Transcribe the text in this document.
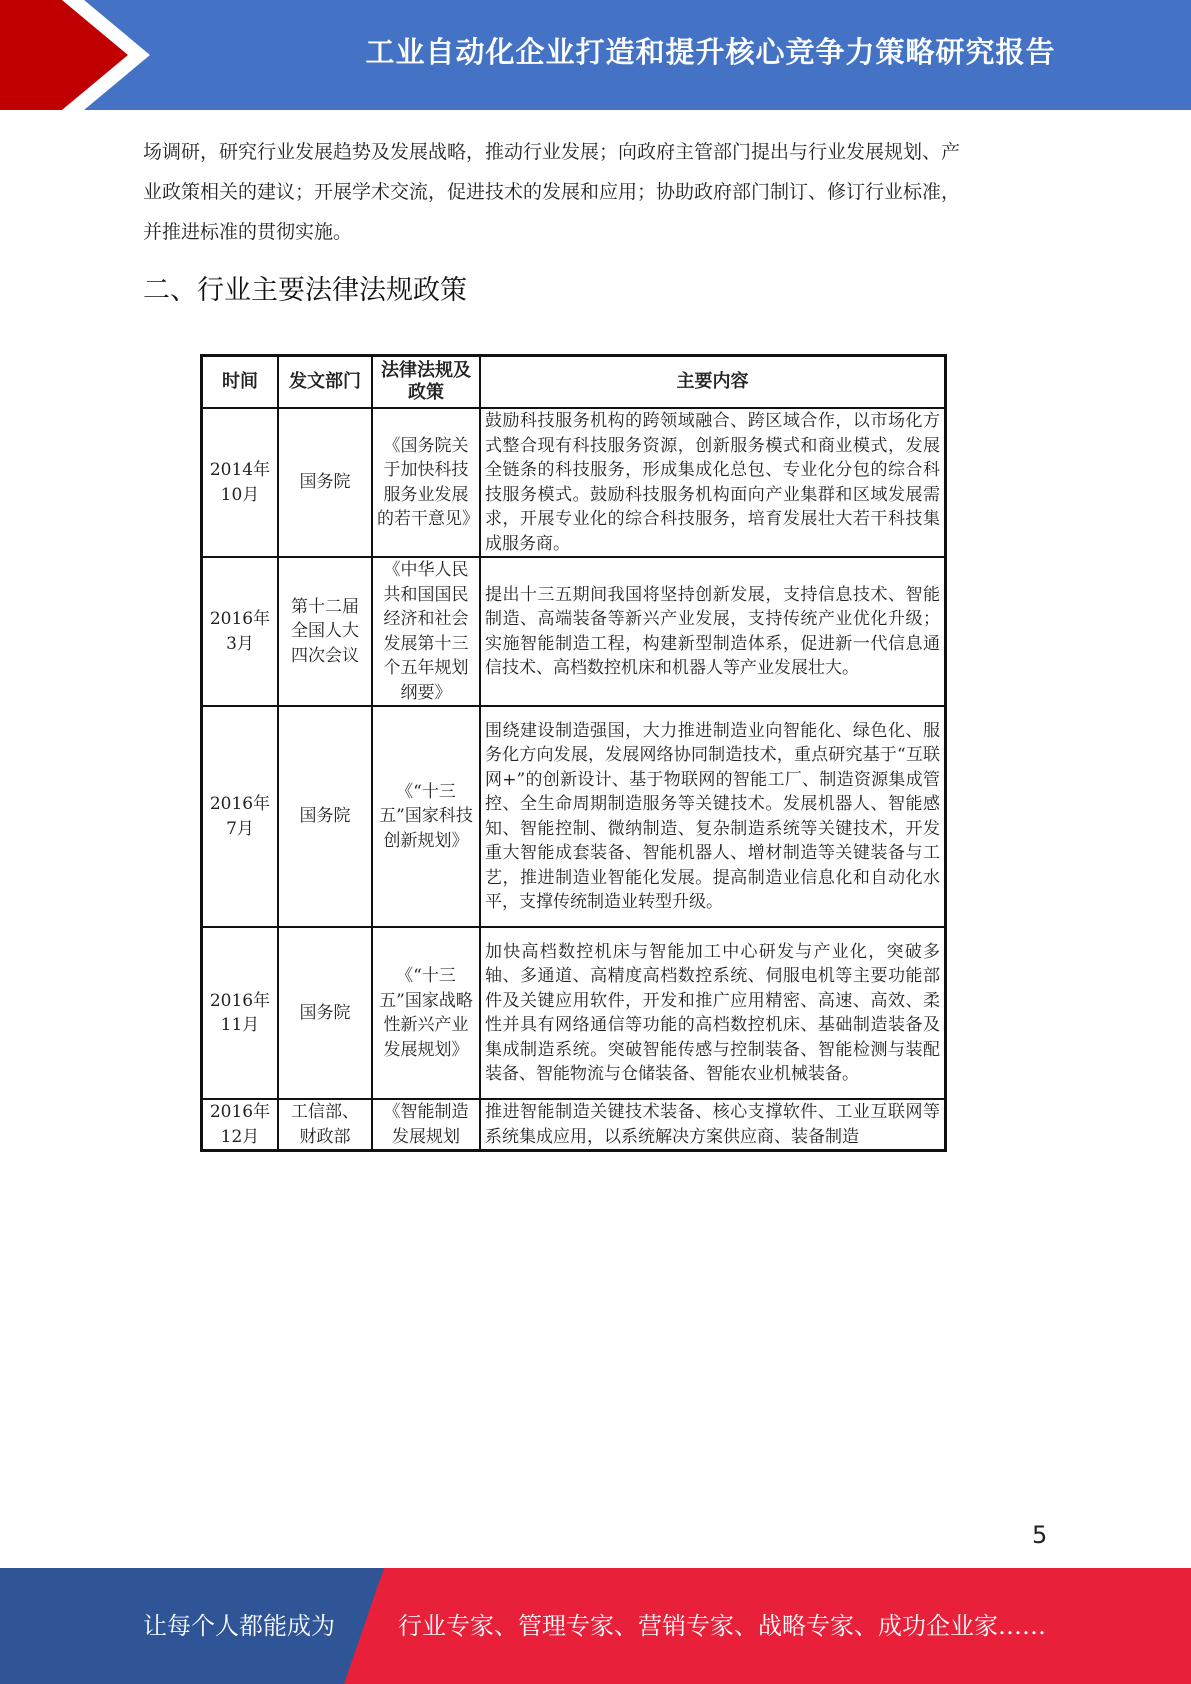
工业自动化企业打造和提升核心竞争力策略研究报告

场调研，研究行业发展趋势及发展战略，推动行业发展；向政府主管部门提出与行业发展规划、产

业政策相关的建议；开展学术交流，促进技术的发展和应用；协助政府部门制订、修订行业标准，

并推进标准的贯彻实施。

二、行业主要法律法规政策
时间	发文部门	法律法规及政策	主要内容
2014年10月	国务院	《国务院关于加快科技服务业发展的若干意见》	鼓励科技服务机构的跨领域融合、跨区域合作，以市场化方式整合现有科技服务资源，创新服务模式和商业模式，发展全链条的科技服务，形成集成化总包、专业化分包的综合科技服务模式。鼓励科技服务机构面向产业集群和区域发展需求，开展专业化的综合科技服务，培育发展壮大若干科技集成服务商。
2016年3月	第十二届全国人大四次会议	《中华人民共和国国民经济和社会发展第十三个五年规划纲要》	提出十三五期间我国将坚持创新发展，支持信息技术、智能制造、高端装备等新兴产业发展，支持传统产业优化升级；实施智能制造工程，构建新型制造体系，促进新一代信息通信技术、高档数控机床和机器人等产业发展壮大。
2016年7月	国务院	《“十三五”国家科技创新规划》	围绕建设制造强国，大力推进制造业向智能化、绿色化、服务化方向发展，发展网络协同制造技术，重点研究基于“互联网+”的创新设计、基于物联网的智能工厂、制造资源集成管控、全生命周期制造服务等关键技术。发展机器人、智能感知、智能控制、微纳制造、复杂制造系统等关键技术，开发重大智能成套装备、智能机器人、增材制造等关键装备与工艺，推进制造业智能化发展。提高制造业信息化和自动化水平，支撑传统制造业转型升级。
2016年11月	国务院	《“十三五”国家战略性新兴产业发展规划》	加快高档数控机床与智能加工中心研发与产业化，突破多轴、多通道、高精度高档数控系统、伺服电机等主要功能部件及关键应用软件，开发和推广应用精密、高速、高效、柔性并具有网络通信等功能的高档数控机床、基础制造装备及集成制造系统。突破智能传感与控制装备、智能检测与装配装备、智能物流与仓储装备、智能农业机械装备。
2016年12月	工信部、财政部	《智能制造发展规划	推进智能制造关键技术装备、核心支撑软件、工业互联网等系统集成应用，以系统解决方案供应商、装备制造
5
让每个人都能成为	行业专家、管理专家、营销专家、战略专家、成功企业家……
